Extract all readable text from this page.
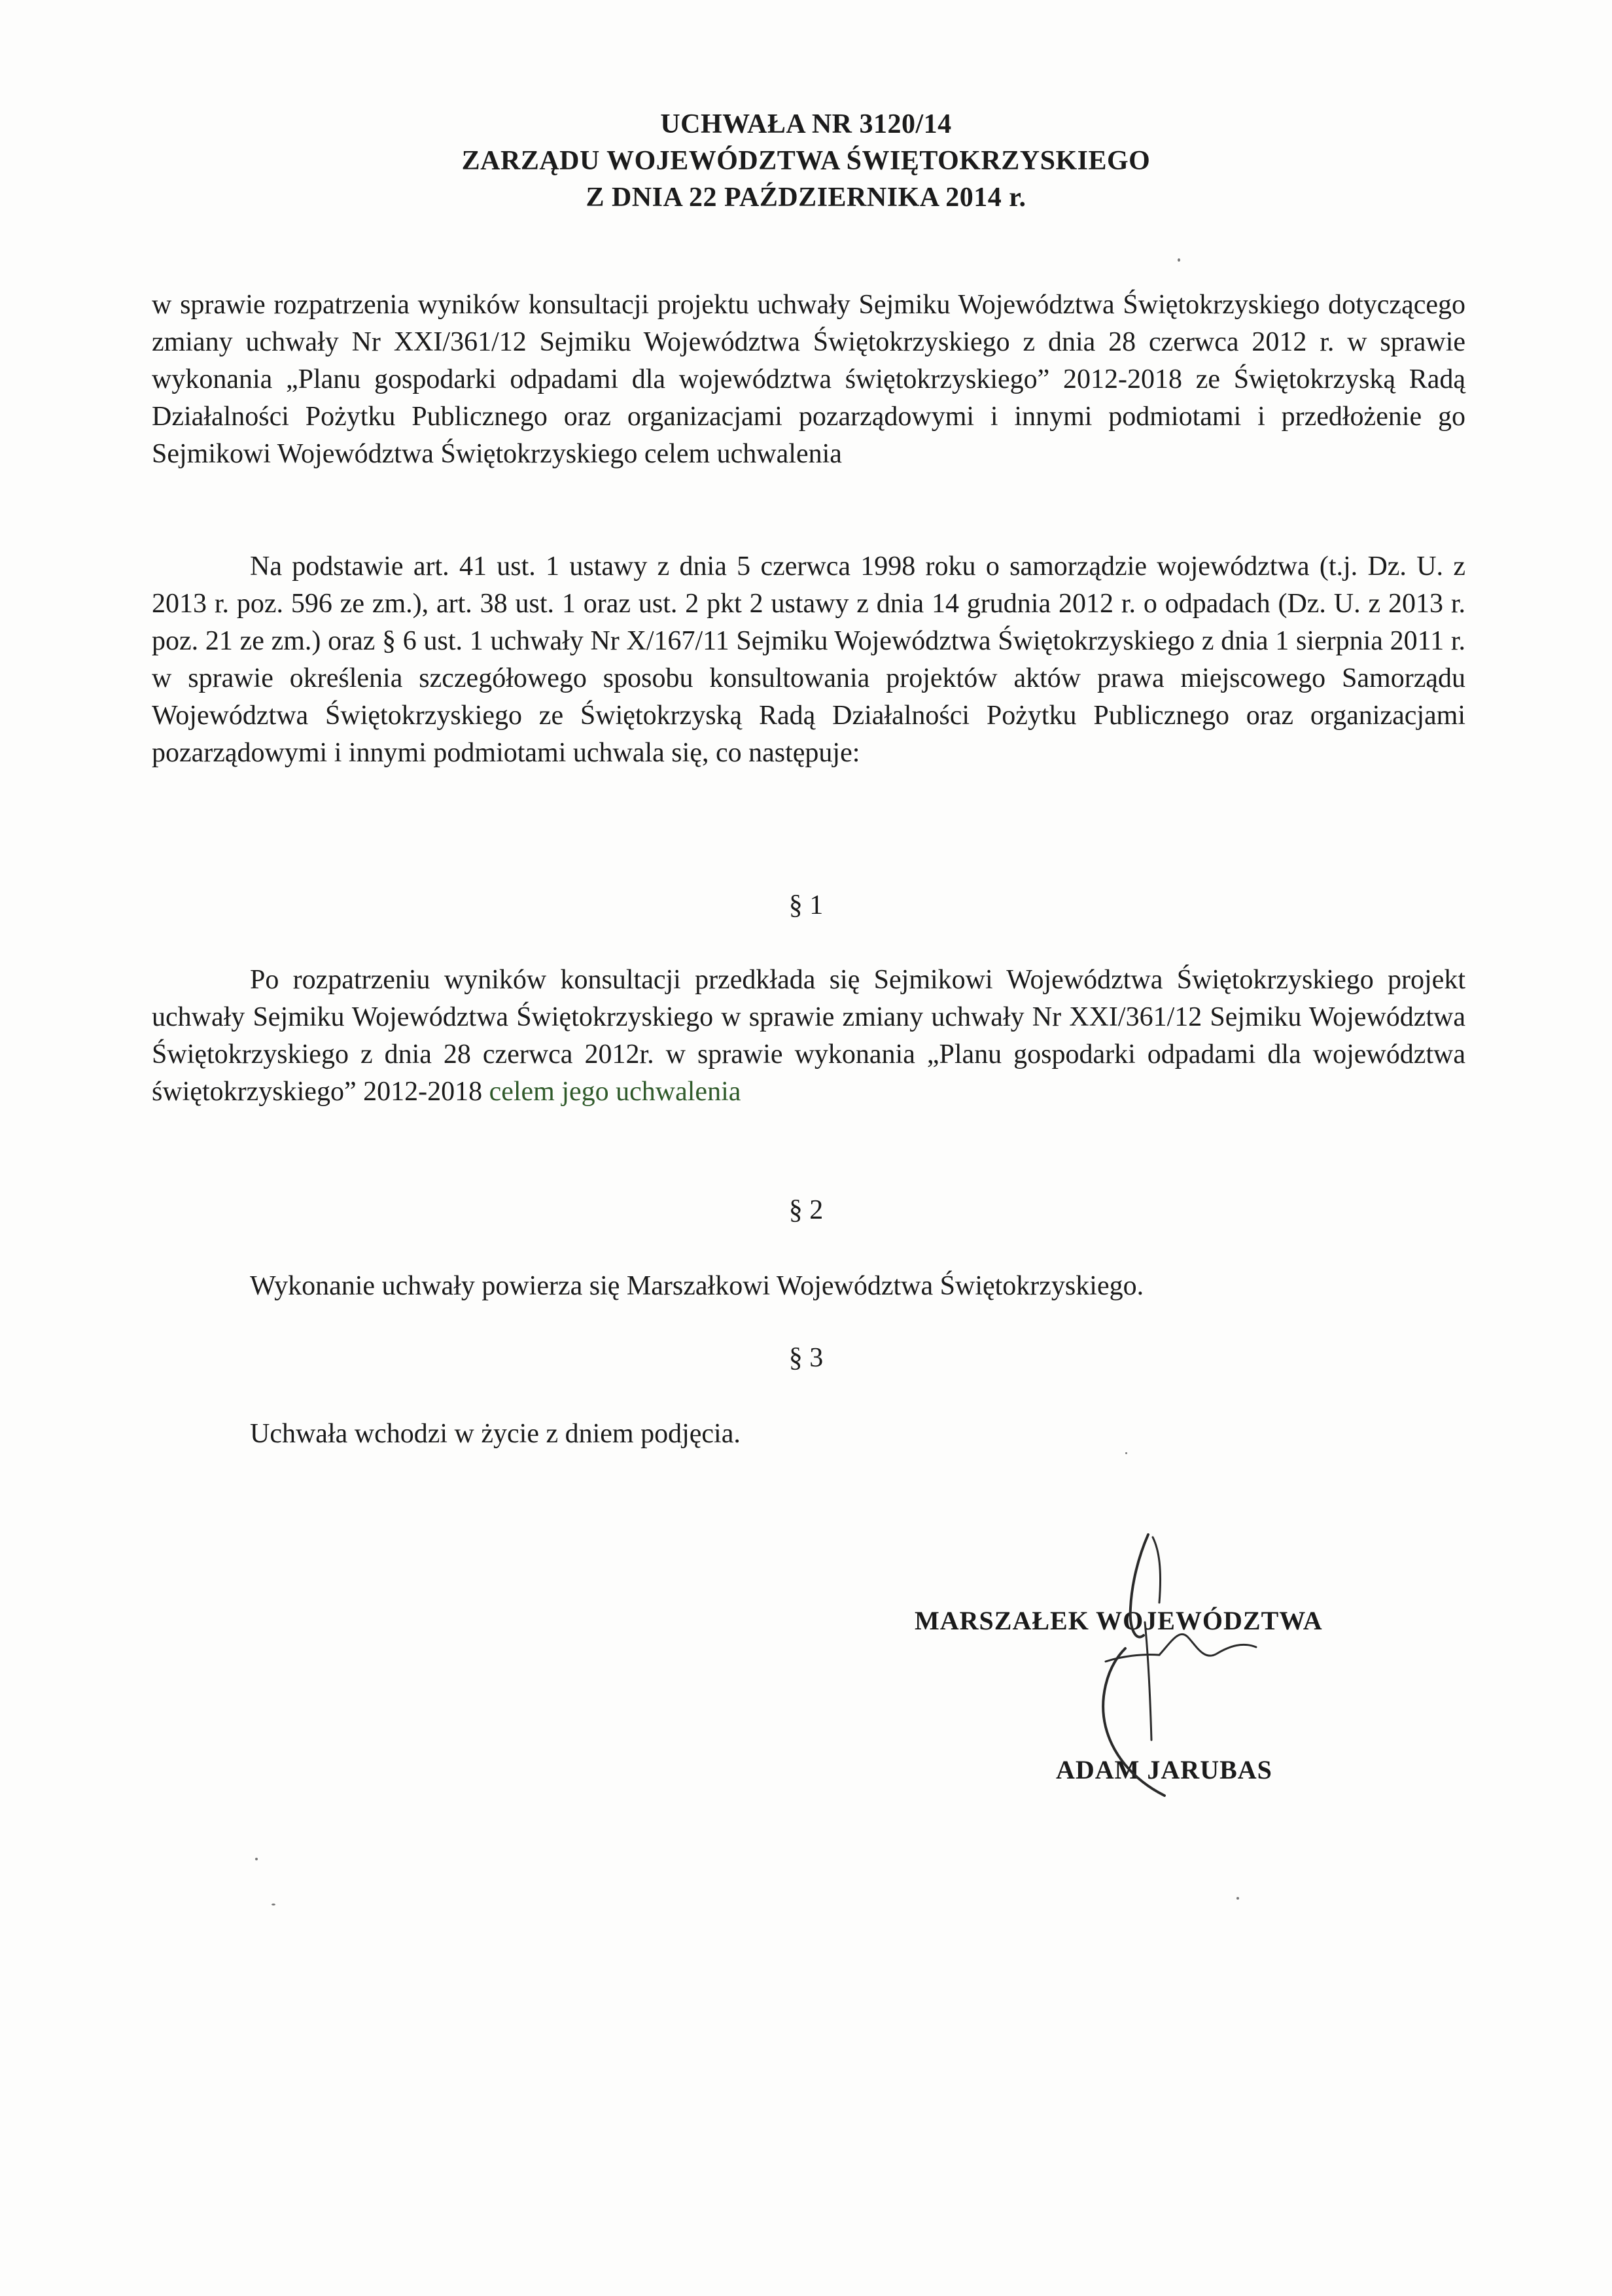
UCHWAŁA NR 3120/14
ZARZĄDU WOJEWÓDZTWA ŚWIĘTOKRZYSKIEGO
Z DNIA 22 PAŹDZIERNIKA 2014 r.
w sprawie rozpatrzenia wyników konsultacji projektu uchwały Sejmiku Województwa Świętokrzyskiego dotyczącego zmiany uchwały Nr XXI/361/12 Sejmiku Województwa Świętokrzyskiego z dnia 28 czerwca 2012 r. w sprawie wykonania „Planu gospodarki odpadami dla województwa świętokrzyskiego” 2012-2018 ze Świętokrzyską Radą Działalności Pożytku Publicznego oraz organizacjami pozarządowymi i innymi podmiotami i przedłożenie go Sejmikowi Województwa Świętokrzyskiego celem uchwalenia
Na podstawie art. 41 ust. 1 ustawy z dnia 5 czerwca 1998 roku o samorządzie województwa (t.j. Dz. U. z 2013 r. poz. 596 ze zm.), art. 38 ust. 1 oraz ust. 2 pkt 2 ustawy z dnia 14 grudnia 2012 r. o odpadach (Dz. U. z 2013 r. poz. 21 ze zm.) oraz § 6 ust. 1 uchwały Nr X/167/11 Sejmiku Województwa Świętokrzyskiego z dnia 1 sierpnia 2011 r. w sprawie określenia szczegółowego sposobu konsultowania projektów aktów prawa miejscowego Samorządu Województwa Świętokrzyskiego ze Świętokrzyską Radą Działalności Pożytku Publicznego oraz organizacjami pozarządowymi i innymi podmiotami uchwala się, co następuje:
§ 1
Po rozpatrzeniu wyników konsultacji przedkłada się Sejmikowi Województwa Świętokrzyskiego projekt uchwały Sejmiku Województwa Świętokrzyskiego w sprawie zmiany uchwały Nr XXI/361/12 Sejmiku Województwa Świętokrzyskiego z dnia 28 czerwca 2012r. w sprawie wykonania „Planu gospodarki odpadami dla województwa świętokrzyskiego” 2012-2018 celem jego uchwalenia
§ 2
Wykonanie uchwały powierza się Marszałkowi Województwa Świętokrzyskiego.
§ 3
Uchwała wchodzi w życie z dniem podjęcia.
MARSZAŁEK WOJEWÓDZTWA
ADAM JARUBAS
